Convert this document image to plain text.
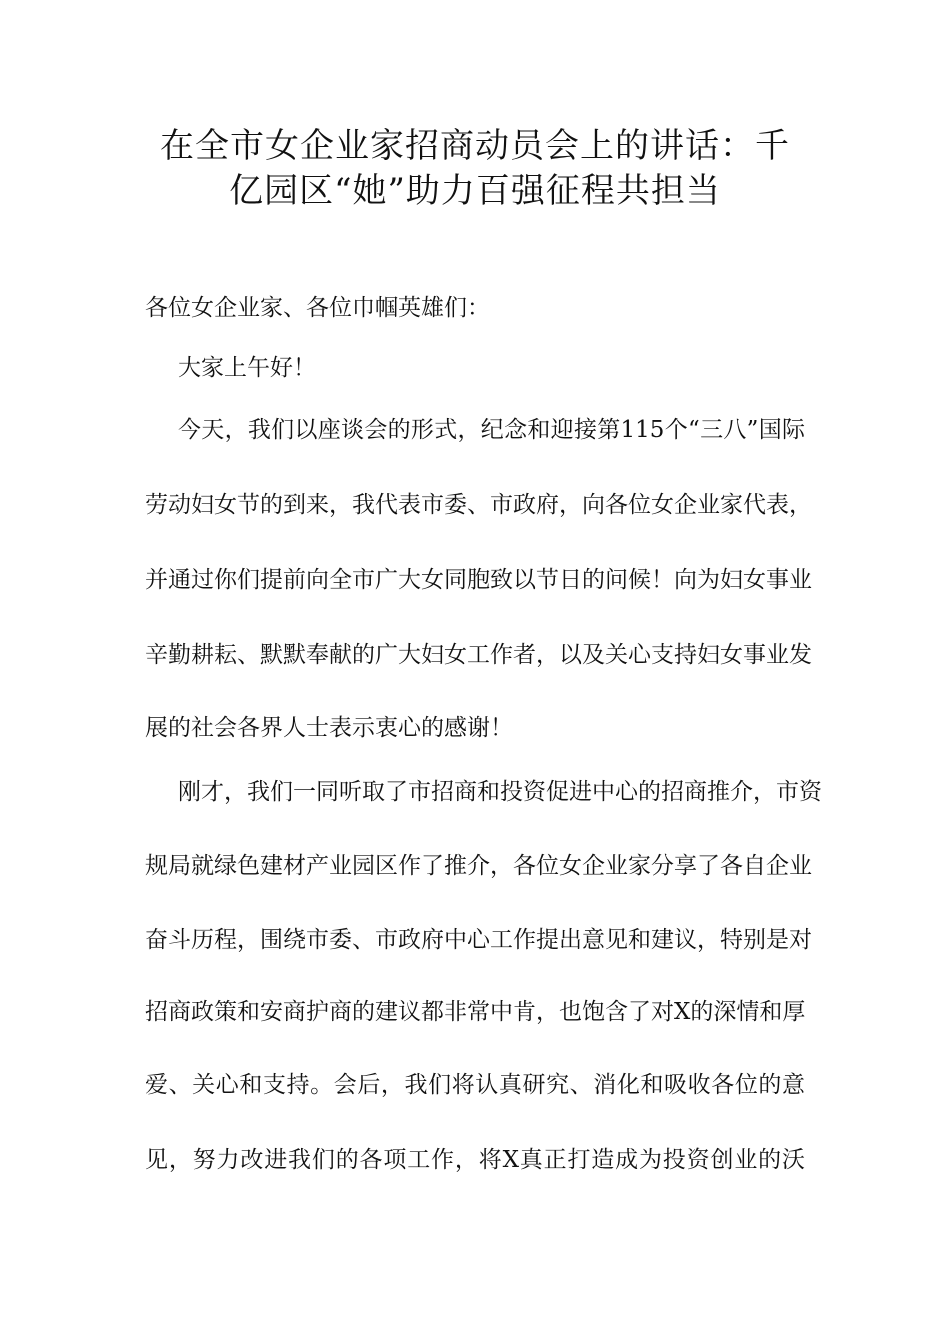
在全市女企业家招商动员会上的讲话：千
亿园区“她”助力百强征程共担当
各位女企业家、各位巾帼英雄们：
大家上午好！
今天，我们以座谈会的形式，纪念和迎接第115个“三八”国际
劳动妇女节的到来，我代表市委、市政府，向各位女企业家代表，
并通过你们提前向全市广大女同胞致以节日的问候！向为妇女事业
辛勤耕耘、默默奉献的广大妇女工作者，以及关心支持妇女事业发
展的社会各界人士表示衷心的感谢！
刚才，我们一同听取了市招商和投资促进中心的招商推介，市资
规局就绿色建材产业园区作了推介，各位女企业家分享了各自企业
奋斗历程，围绕市委、市政府中心工作提出意见和建议，特别是对
招商政策和安商护商的建议都非常中肯，也饱含了对X的深情和厚
爱、关心和支持。会后，我们将认真研究、消化和吸收各位的意
见，努力改进我们的各项工作，将X真正打造成为投资创业的沃
